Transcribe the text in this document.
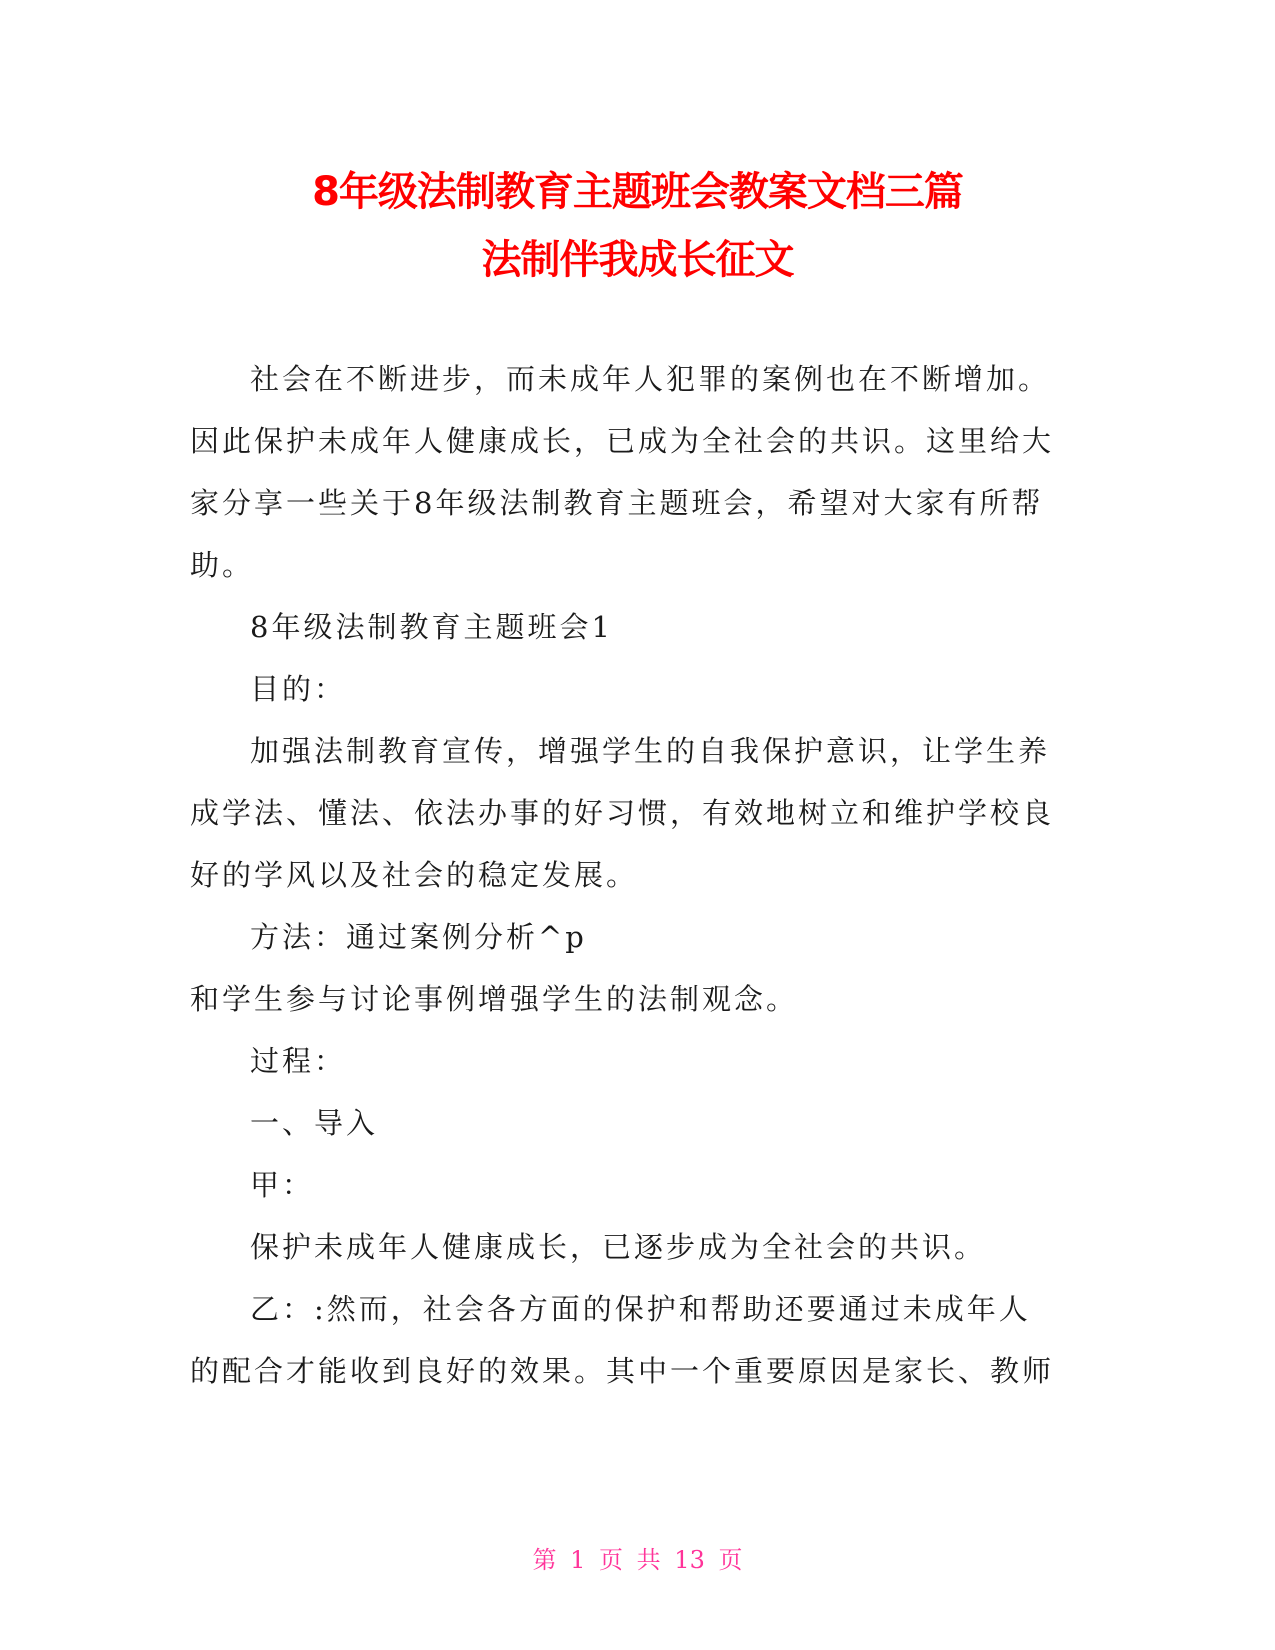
8年级法制教育主题班会教案文档三篇
法制伴我成长征文
社会在不断进步，而未成年人犯罪的案例也在不断增加。
因此保护未成年人健康成长，已成为全社会的共识。这里给大
家分享一些关于8年级法制教育主题班会，希望对大家有所帮
助。
8年级法制教育主题班会1
目的：
加强法制教育宣传，增强学生的自我保护意识，让学生养
成学法、懂法、依法办事的好习惯，有效地树立和维护学校良
好的学风以及社会的稳定发展。
方法：通过案例分析^p
和学生参与讨论事例增强学生的法制观念。
过程：
一、导入
甲：
保护未成年人健康成长，已逐步成为全社会的共识。
乙：:然而，社会各方面的保护和帮助还要通过未成年人
的配合才能收到良好的效果。其中一个重要原因是家长、教师
第 1 页 共 13 页
